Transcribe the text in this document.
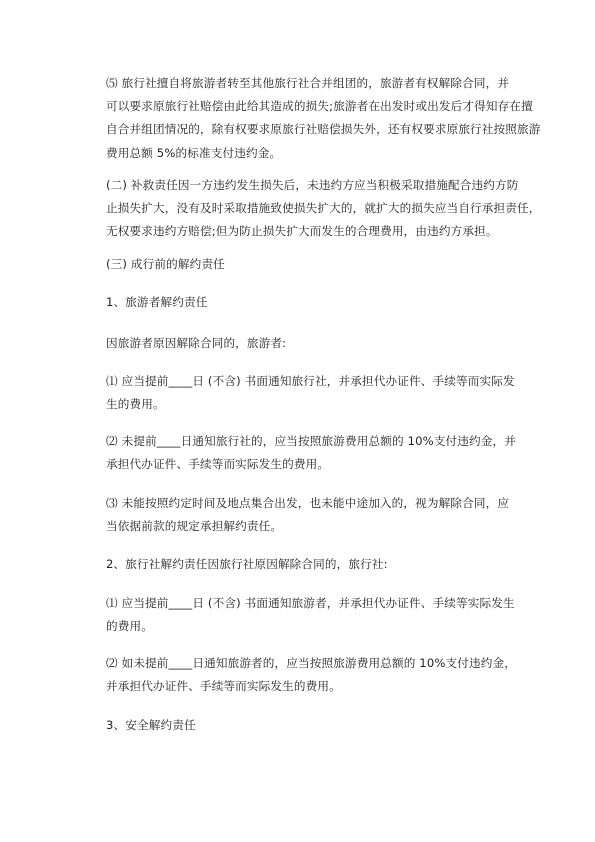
⑸ 旅行社擅自将旅游者转至其他旅行社合并组团的，旅游者有权解除合同，并
可以要求原旅行社赔偿由此给其造成的损失;旅游者在出发时或出发后才得知存在擅
自合并组团情况的，除有权要求原旅行社赔偿损失外，还有权要求原旅行社按照旅游
费用总额 5%的标准支付违约金。
(二) 补救责任因一方违约发生损失后，未违约方应当积极采取措施配合违约方防
止损失扩大，没有及时采取措施致使损失扩大的，就扩大的损失应当自行承担责任，
无权要求违约方赔偿;但为防止损失扩大而发生的合理费用，由违约方承担。
(三) 成行前的解约责任
1、旅游者解约责任
因旅游者原因解除合同的，旅游者:
⑴ 应当提前____日 (不含) 书面通知旅行社，并承担代办证件、手续等而实际发
生的费用。
⑵ 未提前____日通知旅行社的，应当按照旅游费用总额的 10%支付违约金，并
承担代办证件、手续等而实际发生的费用。
⑶ 未能按照约定时间及地点集合出发，也未能中途加入的，视为解除合同，应
当依据前款的规定承担解约责任。
2、旅行社解约责任因旅行社原因解除合同的，旅行社:
⑴ 应当提前____日 (不含) 书面通知旅游者，并承担代办证件、手续等实际发生
的费用。
⑵ 如未提前____日通知旅游者的，应当按照旅游费用总额的 10%支付违约金，
并承担代办证件、手续等而实际发生的费用。
3、安全解约责任
